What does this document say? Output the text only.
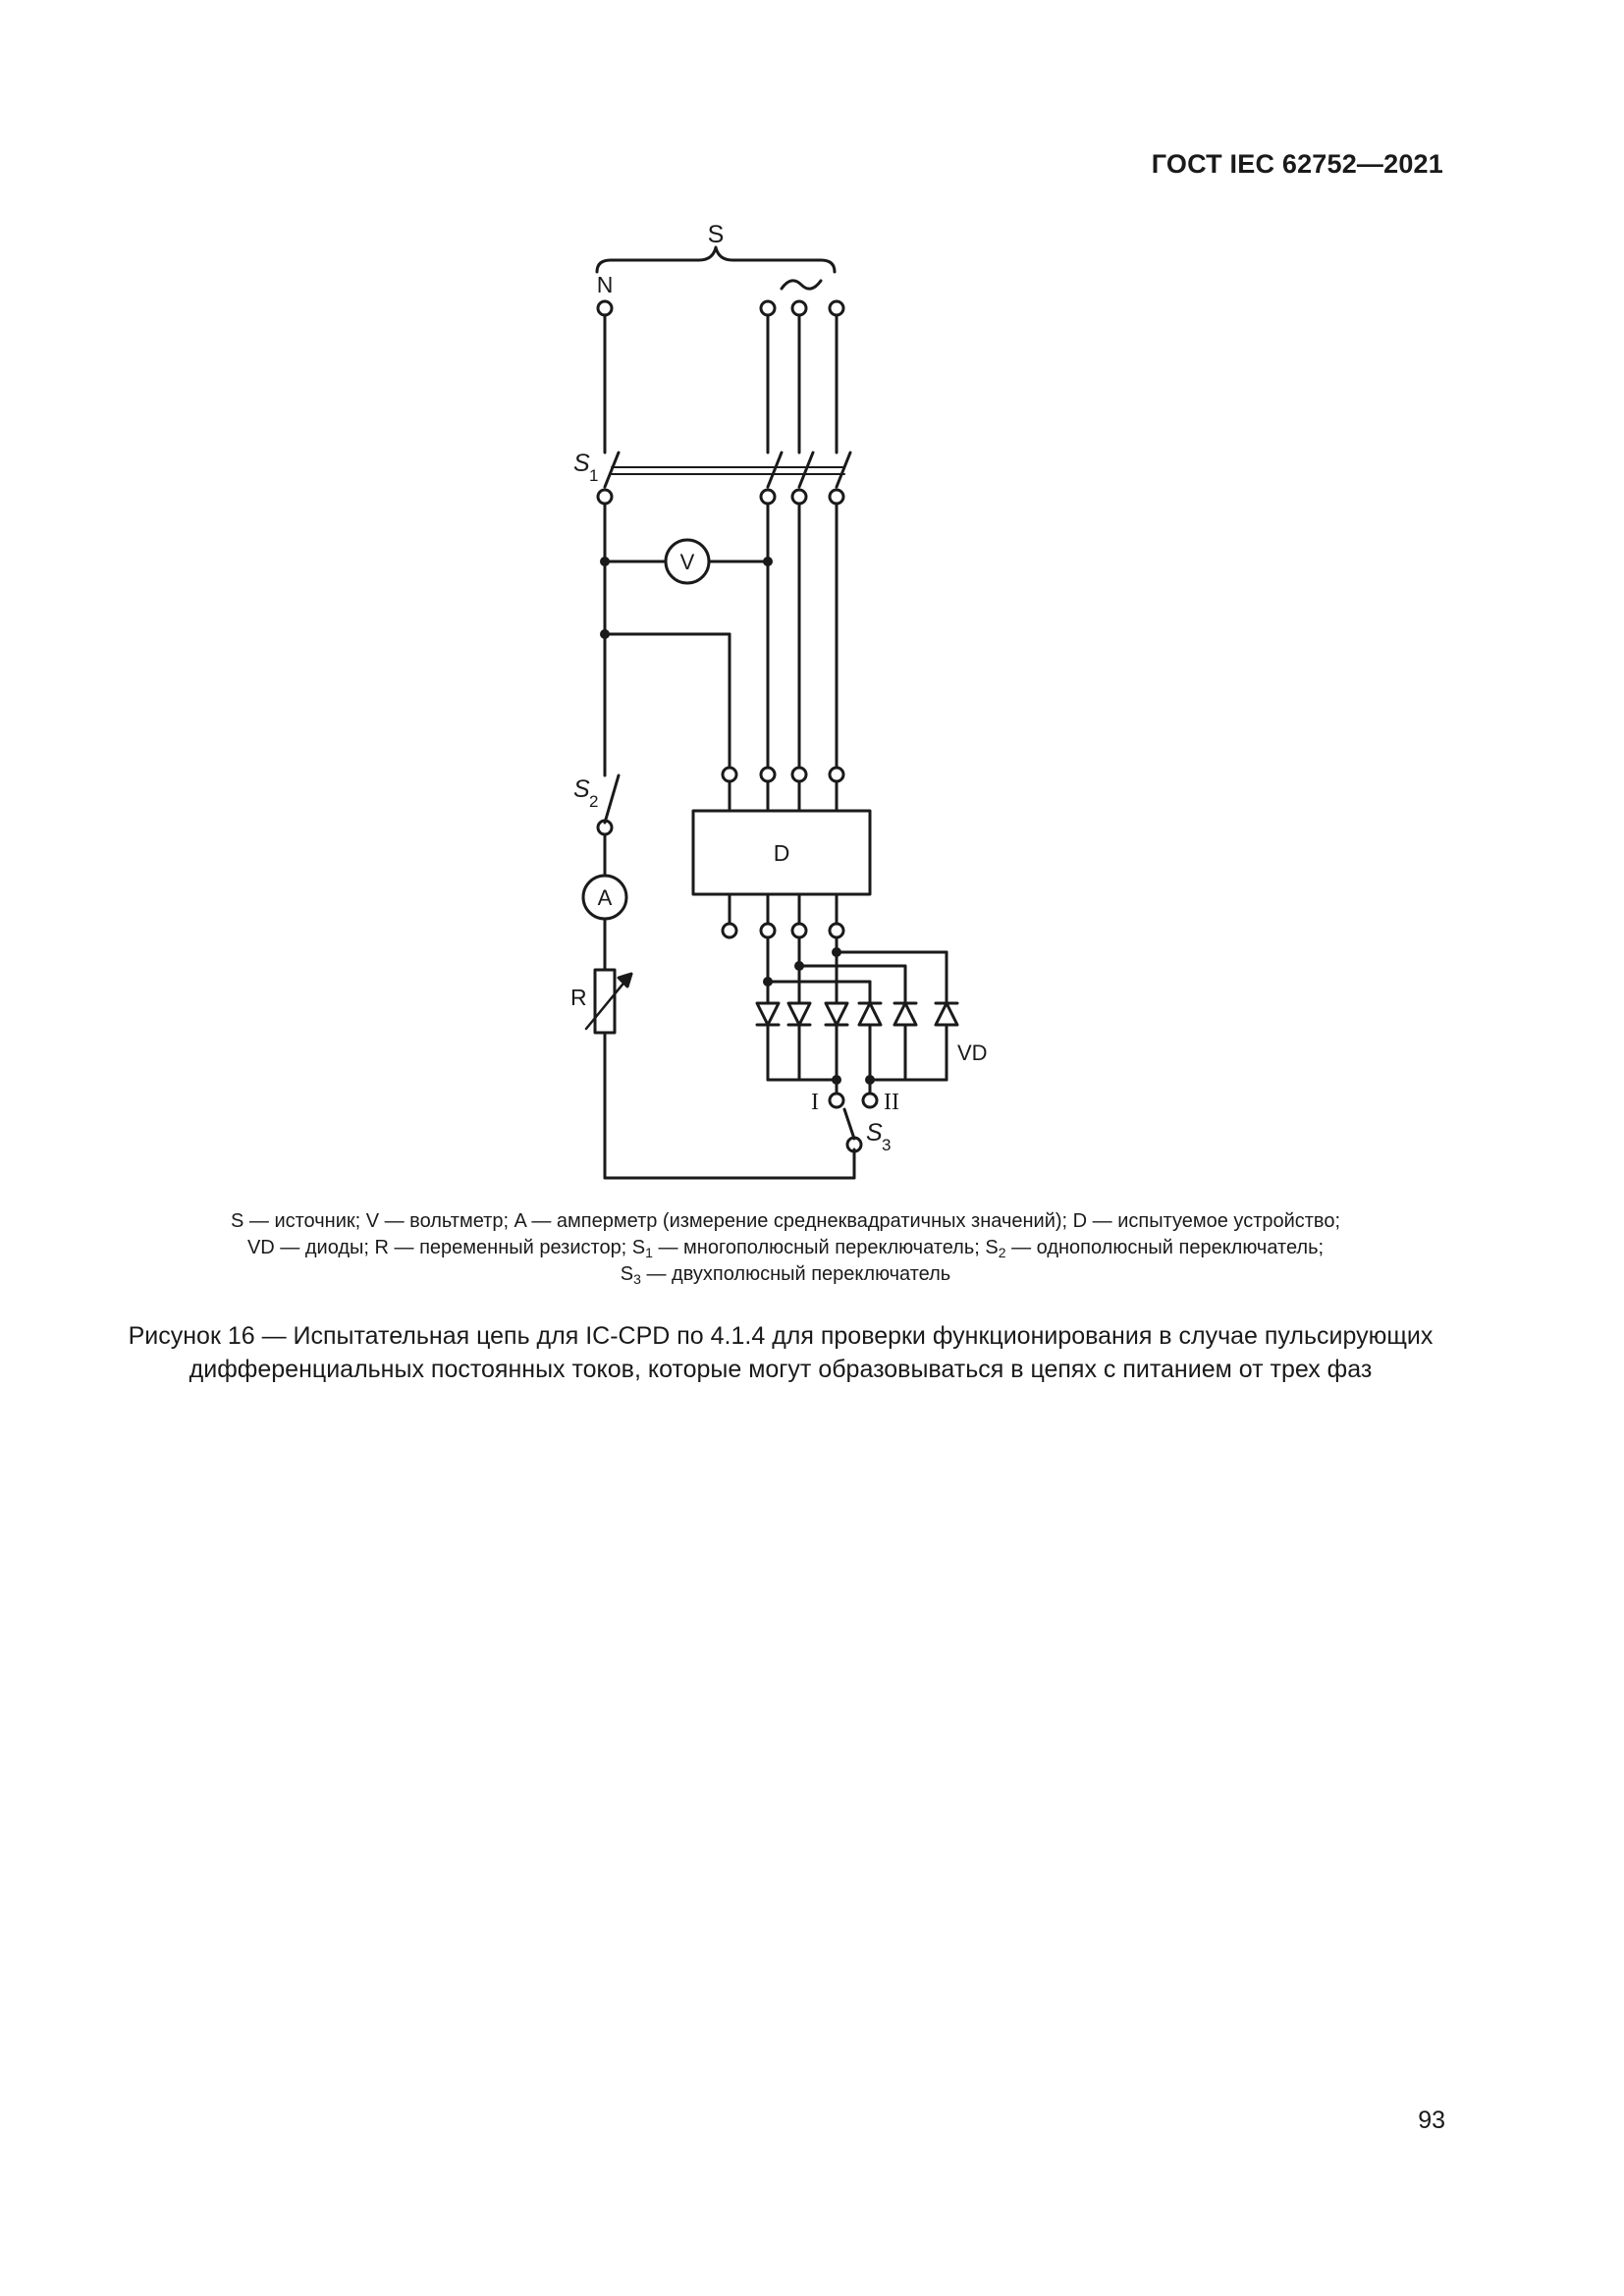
ГОСТ IEC 62752—2021
S
N
S 1
V
S 2
A
D
R
VD
I	II
S 3
S — источник; V — вольтметр; A — амперметр (измерение среднеквадратичных значений); D — испытуемое устройство;
VD — диоды; R — переменный резистор; $S_1$ — многополюсный переключатель; $S_2$ — однополюсный переключатель;
$S_3$ — двухполюсный переключатель
Рисунок 16 — Испытательная цепь для IC-CPD по 4.1.4 для проверки функционирования в случае пульсирующих
дифференциальных постоянных токов, которые могут образовываться в цепях с питанием от трех фаз
93
